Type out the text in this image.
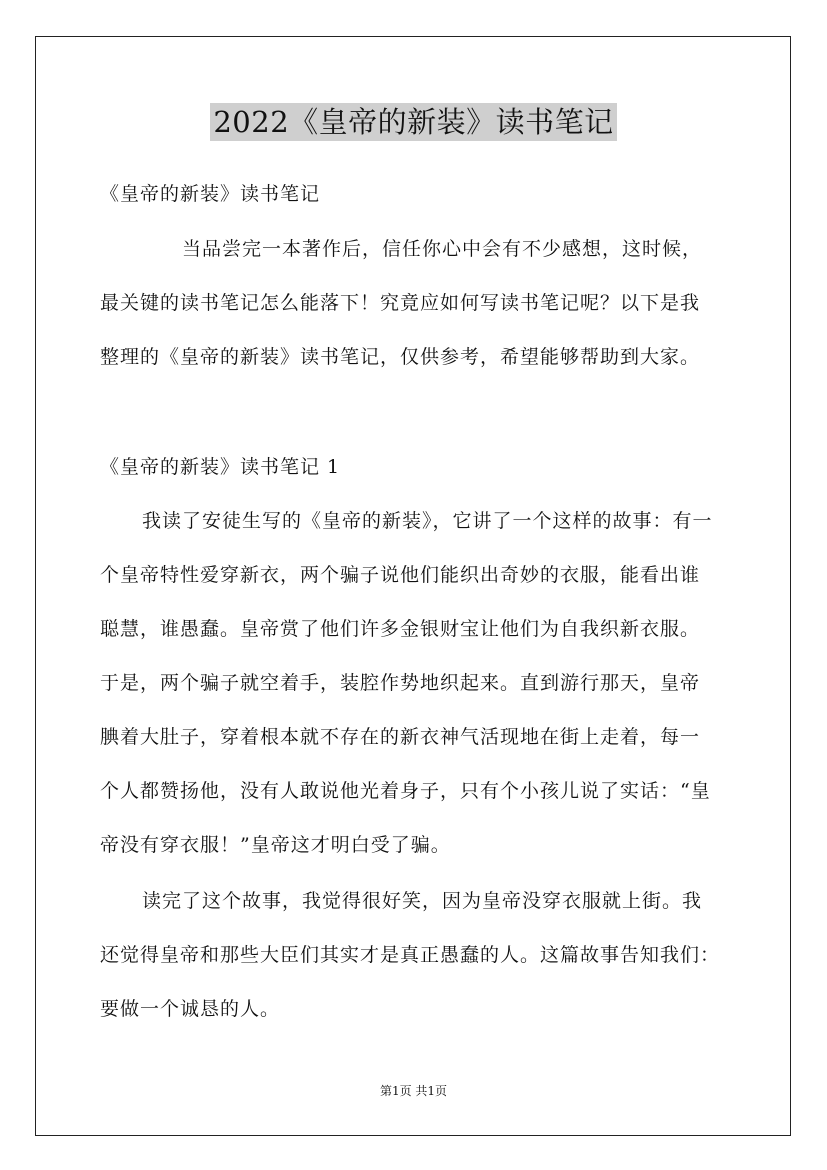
2022《皇帝的新装》读书笔记
《皇帝的新装》读书笔记
当品尝完一本著作后，信任你心中会有不少感想，这时候，
最关键的读书笔记怎么能落下！究竟应如何写读书笔记呢？以下是我
整理的《皇帝的新装》读书笔记，仅供参考，希望能够帮助到大家。
《皇帝的新装》读书笔记 1
我读了安徒生写的《皇帝的新装》，它讲了一个这样的故事：有一
个皇帝特性爱穿新衣，两个骗子说他们能织出奇妙的衣服，能看出谁
聪慧，谁愚蠢。皇帝赏了他们许多金银财宝让他们为自我织新衣服。
于是，两个骗子就空着手，装腔作势地织起来。直到游行那天，皇帝
腆着大肚子，穿着根本就不存在的新衣神气活现地在街上走着，每一
个人都赞扬他，没有人敢说他光着身子，只有个小孩儿说了实话：“皇
帝没有穿衣服！”皇帝这才明白受了骗。
读完了这个故事，我觉得很好笑，因为皇帝没穿衣服就上街。我
还觉得皇帝和那些大臣们其实才是真正愚蠢的人。这篇故事告知我们：
要做一个诚恳的人。
第1页 共1页
